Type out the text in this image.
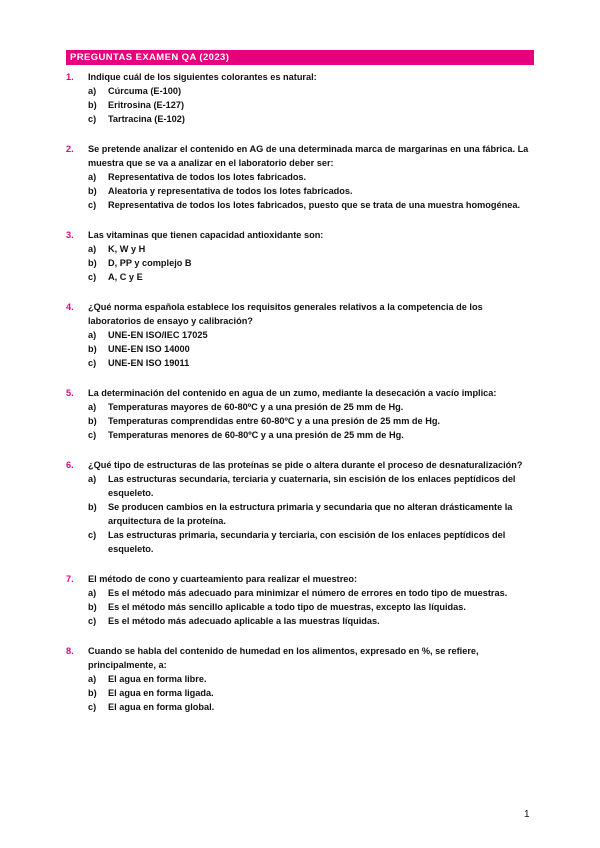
PREGUNTAS EXAMEN QA (2023)
1.	Indique cuál de los siguientes colorantes es natural:
a)	Cúrcuma (E-100)
b)	Eritrosina (E-127)
c)	Tartracina (E-102)
2.	Se pretende analizar el contenido en AG de una determinada marca de margarinas en una fábrica. La muestra que se va a analizar en el laboratorio deber ser:
a)	Representativa de todos los lotes fabricados.
b)	Aleatoria y representativa de todos los lotes fabricados.
c)	Representativa de todos los lotes fabricados, puesto que se trata de una muestra homogénea.
3.	Las vitaminas que tienen capacidad antioxidante son:
a)	K, W y H
b)	D, PP y complejo B
c)	A, C y E
4.	¿Qué norma española establece los requisitos generales relativos a la competencia de los laboratorios de ensayo y calibración?
a)	UNE-EN ISO/IEC 17025
b)	UNE-EN ISO 14000
c)	UNE-EN ISO 19011
5.	La determinación del contenido en agua de un zumo, mediante la desecación a vacío implica:
a)	Temperaturas mayores de 60-80ºC y a una presión de 25 mm de Hg.
b)	Temperaturas comprendidas entre 60-80ºC y a una presión de 25 mm de Hg.
c)	Temperaturas menores de 60-80ºC y a una presión de 25 mm de Hg.
6.	¿Qué tipo de estructuras de las proteínas se pide o altera durante el proceso de desnaturalización?
a)	Las estructuras secundaria, terciaria y cuaternaria, sin escisión de los enlaces peptídicos del esqueleto.
b)	Se producen cambios en la estructura primaria y secundaria que no alteran drásticamente la arquitectura de la proteína.
c)	Las estructuras primaria, secundaria y terciaria, con escisión de los enlaces peptídicos del esqueleto.
7.	El método de cono y cuarteamiento para realizar el muestreo:
a)	Es el método más adecuado para minimizar el número de errores en todo tipo de muestras.
b)	Es el método más sencillo aplicable a todo tipo de muestras, excepto las líquidas.
c)	Es el método más adecuado aplicable a las muestras líquidas.
8.	Cuando se habla del contenido de humedad en los alimentos, expresado en %, se refiere, principalmente, a:
a)	El agua en forma libre.
b)	El agua en forma ligada.
c)	El agua en forma global.
1
